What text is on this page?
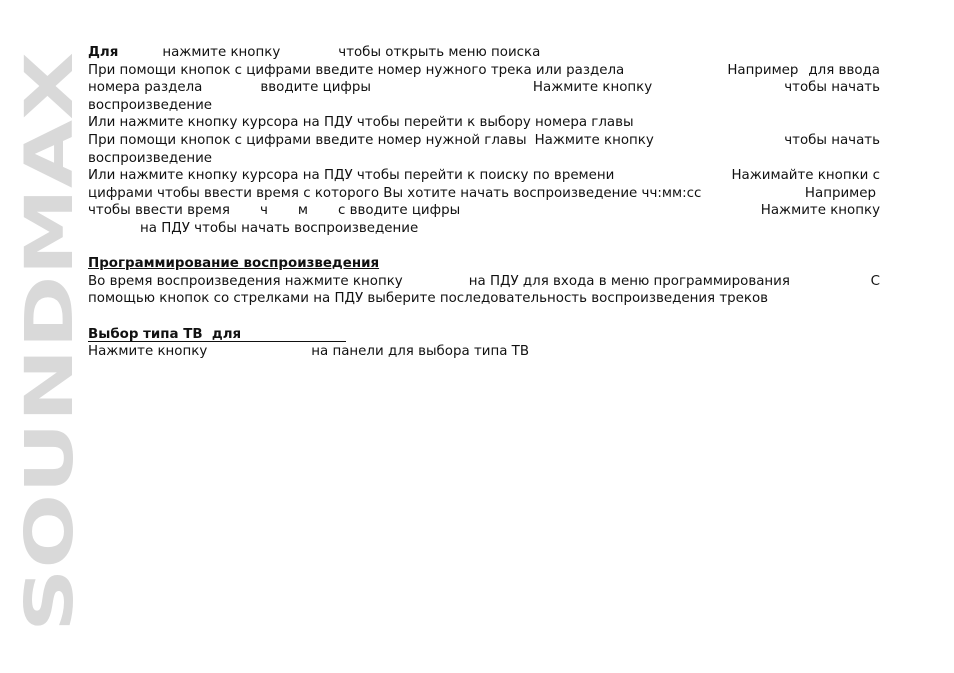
SOUNDMAX
Для	нажмите кнопку	чтобы открыть меню поиска
При помощи кнопок с цифрами введите номер нужного трека или раздела	Например для ввода
номера раздела	вводите цифры	Нажмите кнопку	чтобы начать
воспроизведение
Или нажмите кнопку курсора на ПДУ чтобы перейти к выбору номера главы
При помощи кнопок с цифрами введите номер нужной главы Нажмите кнопку	чтобы начать
воспроизведение
Или нажмите кнопку курсора на ПДУ чтобы перейти к поиску по времени	Нажимайте кнопки с
цифрами чтобы ввести время с которого Вы хотите начать воспроизведение чч:мм:сс	Например
чтобы ввести время ч м с вводите цифры	Нажмите кнопку
на ПДУ чтобы начать воспроизведение
Программирование воспроизведения
Во время воспроизведения нажмите кнопку	на ПДУ для входа в меню программирования	С
помощью кнопок со стрелками на ПДУ выберите последовательность воспроизведения треков
Выбор типа ТВ для
Нажмите кнопку	на панели для выбора типа ТВ
